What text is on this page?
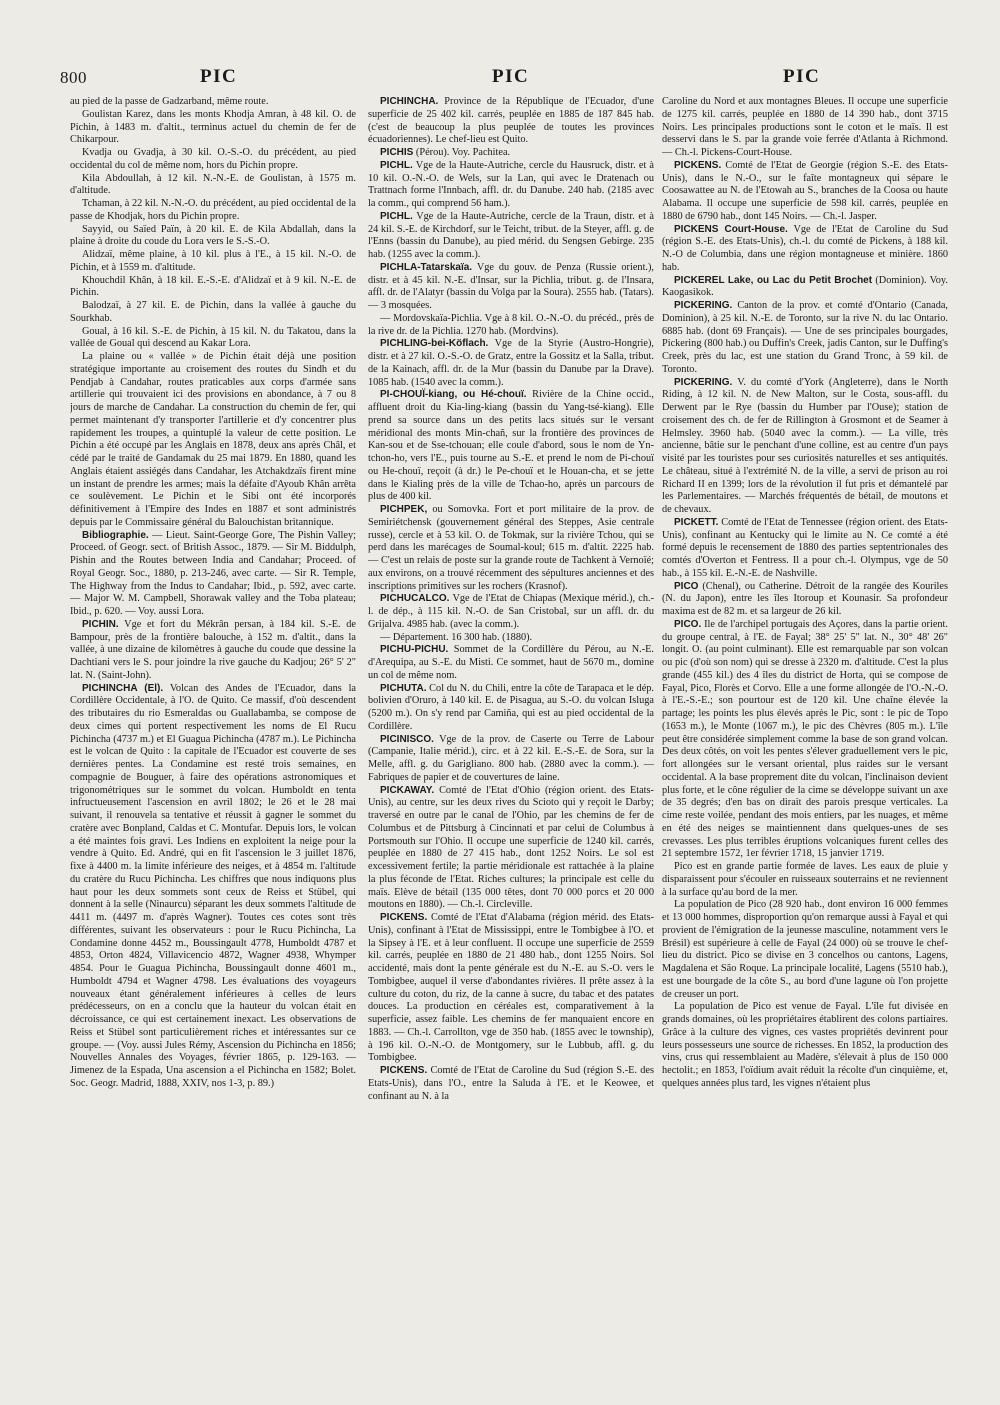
800	PIC	PIC	PIC

au pied de la passe de Gadzarband, même route.

Goulistan Karez, dans les monts Khodja Amran, à 48 kil. O. de Pichin, à 1483 m. d'altit., terminus actuel du chemin de fer de Chikarpour.

Kvadja ou Gvadja, à 30 kil. O.-S.-O. du précédent, au pied occidental du col de même nom, hors du Pichin propre.

Kila Abdoullah, à 12 kil. N.-N.-E. de Goulistan, à 1575 m. d'altitude.

Tchaman, à 22 kil. N.-N.-O. du précédent, au pied occidental de la passe de Khodjak, hors du Pichin propre.

Sayyid, ou Saïed Païn, à 20 kil. E. de Kila Abdallah, dans la plaine à droite du coude du Lora vers le S.-S.-O.

Alidzaï, même plaine, à 10 kil. plus à l'E., à 15 kil. N.-O. de Pichin, et à 1559 m. d'altitude.

Khouchdil Khân, à 18 kil. E.-S.-E. d'Alidzaï et à 9 kil. N.-E. de Pichin.

Balodzaï, à 27 kil. E. de Pichin, dans la vallée à gauche du Sourkhab.

Goual, à 16 kil. S.-E. de Pichin, à 15 kil. N. du Takatou, dans la vallée de Goual qui descend au Kakar Lora.

La plaine ou « vallée » de Pichin était déjà une position stratégique importante au croisement des routes du Sindh et du Pendjab à Candahar, routes praticables aux corps d'armée sans artillerie qui trouvaient ici des provisions en abondance, à 7 ou 8 jours de marche de Candahar. La construction du chemin de fer, qui permet maintenant d'y transporter l'artillerie et d'y concentrer plus rapidement les troupes, a quintuplé la valeur de cette position. Le Pichin a été occupé par les Anglais en 1878, deux ans après Châl, et cédé par le traité de Gandamak du 25 mai 1879. En 1880, quand les Anglais étaient assiégés dans Candahar, les Atchakdzaïs firent mine un instant de prendre les armes; mais la défaite d'Ayoub Khân arrêta ce soulèvement. Le Pichin et le Sibi ont été incorporés définitivement à l'Empire des Indes en 1887 et sont administrés depuis par le Commissaire général du Balouchistan britannique.

Bibliographie. — Lieut. Saint-George Gore, The Pishin Valley; Proceed. of Geogr. sect. of British Assoc., 1879. — Sir M. Biddulph, Pishin and the Routes between India and Candahar; Proceed. of Royal Geogr. Soc., 1880, p. 213-246, avec carte. — Sir R. Temple, The Highway from the Indus to Candahar; Ibid., p. 592, avec carte. — Major W. M. Campbell, Shorawak valley and the Toba plateau; Ibid., p. 620. — Voy. aussi Lora.

PICHIN. Vge et fort du Mékrân persan, à 184 kil. S.-E. de Bampour, près de la frontière balouche, à 152 m. d'altit., dans la vallée, à une dizaine de kilomètres à gauche du coude que dessine la Dachtiani vers le S. pour joindre la rive gauche du Kadjou; 26° 5' 2" lat. N. (Saint-John).

PICHINCHA (El). Volcan des Andes de l'Ecuador, dans la Cordillère Occidentale, à l'O. de Quito. Ce massif, d'où descendent des tributaires du rio Esmeraldas ou Guallabamba, se compose de deux cimes qui portent respectivement les noms de El Rucu Pichincha (4737 m.) et El Guagua Pichincha (4787 m.). Le Pichincha est le volcan de Quito : la capitale de l'Ecuador est couverte de ses dernières pentes. La Condamine est resté trois semaines, en compagnie de Bouguer, à faire des opérations astronomiques et trigonométriques sur le sommet du volcan. Humboldt en tenta infructueusement l'ascension en avril 1802; le 26 et le 28 mai suivant, il renouvela sa tentative et réussit à gagner le sommet du cratère avec Bonpland, Caldas et C. Montufar. Depuis lors, le volcan a été maintes fois gravi. Les Indiens en exploitent la neige pour la vendre à Quito. Ed. André, qui en fit l'ascension le 3 juillet 1876, fixe à 4400 m. la limite inférieure des neiges, et à 4854 m. l'altitude du cratère du Rucu Pichincha. Les chiffres que nous indiquons plus haut pour les deux sommets sont ceux de Reiss et Stübel, qui donnent à la selle (Ninaurcu) séparant les deux sommets l'altitude de 4411 m. (4497 m. d'après Wagner). Toutes ces cotes sont très différentes, suivant les observateurs : pour le Rucu Pichincha, La Condamine donne 4452 m., Boussingault 4778, Humboldt 4787 et 4853, Orton 4824, Villavicencio 4872, Wagner 4938, Whymper 4854. Pour le Guagua Pichincha, Boussingault donne 4601 m., Humboldt 4794 et Wagner 4798. Les évaluations des voyageurs nouveaux étant généralement inférieures à celles de leurs prédécesseurs, on en a conclu que la hauteur du volcan était en décroissance, ce qui est certainement inexact. Les observations de Reiss et Stübel sont particulièrement riches et intéressantes sur ce groupe. — (Voy. aussi Jules Rémy, Ascension du Pichincha en 1856; Nouvelles Annales des Voyages, février 1865, p. 129-163. — Jimenez de la Espada, Una ascension a el Pichincha en 1582; Bolet. Soc. Geogr. Madrid, 1888, XXIV, nos 1-3, p. 89.)

PICHINCHA. Province de la République de l'Ecuador, d'une superficie de 25 402 kil. carrés, peuplée en 1885 de 187 845 hab. (c'est de beaucoup la plus peuplée de toutes les provinces écuadoriennes). Le chef-lieu est Quito.

PICHIS (Pérou). Voy. Pachitea.

PICHL. Vge de la Haute-Autriche, cercle du Hausruck, distr. et à 10 kil. O.-N.-O. de Wels, sur la Lan, qui avec le Dratenach ou Trattnach forme l'Innbach, affl. dr. du Danube. 240 hab. (2185 avec la comm., qui comprend 56 ham.).

PICHL. Vge de la Haute-Autriche, cercle de la Traun, distr. et à 24 kil. S.-E. de Kirchdorf, sur le Teicht, tribut. de la Steyer, affl. g. de l'Enns (bassin du Danube), au pied mérid. du Sengsen Gebirge. 235 hab. (1255 avec la comm.).

PICHLA-Tatarskaïa. Vge du gouv. de Penza (Russie orient.), distr. et à 45 kil. N.-E. d'Insar, sur la Pichlia, tribut. g. de l'Insara, affl. dr. de l'Alatyr (bassin du Volga par la Soura). 2555 hab. (Tatars). — 3 mosquées.

— Mordovskaïa-Pichlia. Vge à 8 kil. O.-N.-O. du précéd., près de la rive dr. de la Pichlia. 1270 hab. (Mordvins).

PICHLING-bei-Köflach. Vge de la Styrie (Austro-Hongrie), distr. et à 27 kil. O.-S.-O. de Gratz, entre la Gossitz et la Salla, tribut. de la Kainach, affl. dr. de la Mur (bassin du Danube par la Drave). 1085 hab. (1540 avec la comm.).

PI-CHOUÏ-kiang, ou Hé-chouï. Rivière de la Chine occid., affluent droit du Kia-ling-kiang (bassin du Yang-tsé-kiang). Elle prend sa source dans un des petits lacs situés sur le versant méridional des monts Min-chañ, sur la frontière des provinces de Kan-sou et de Sse-tchouan; elle coule d'abord, sous le nom de Yn-tchon-ho, vers l'E., puis tourne au S.-E. et prend le nom de Pi-chouï ou He-chouï, reçoit (à dr.) le Pe-chouï et le Houan-cha, et se jette dans le Kialing près de la ville de Tchao-ho, après un parcours de plus de 400 kil.

PICHPEK, ou Somovka. Fort et port militaire de la prov. de Semiriétchensk (gouvernement général des Steppes, Asie centrale russe), cercle et à 53 kil. O. de Tokmak, sur la rivière Tchou, qui se perd dans les marécages de Soumal-koul; 615 m. d'altit. 2225 hab. — C'est un relais de poste sur la grande route de Tachkent à Vernoïé; aux environs, on a trouvé récemment des sépultures anciennes et des inscriptions primitives sur les rochers (Krasnof).

PICHUCALCO. Vge de l'Etat de Chiapas (Mexique mérid.), ch.-l. de dép., à 115 kil. N.-O. de San Cristobal, sur un affl. dr. du Grijalva. 4985 hab. (avec la comm.).

— Département. 16 300 hab. (1880).

PICHU-PICHU. Sommet de la Cordillère du Pérou, au N.-E. d'Arequipa, au S.-E. du Misti. Ce sommet, haut de 5670 m., domine un col de même nom.

PICHUTA. Col du N. du Chili, entre la côte de Tarapaca et le dép. bolivien d'Oruro, à 140 kil. E. de Pisagua, au S.-O. du volcan Isluga (5200 m.). On s'y rend par Camiña, qui est au pied occidental de la Cordillère.

PICINISCO. Vge de la prov. de Caserte ou Terre de Labour (Campanie, Italie mérid.), circ. et à 22 kil. E.-S.-E. de Sora, sur la Melle, affl. g. du Garigliano. 800 hab. (2880 avec la comm.). — Fabriques de papier et de couvertures de laine.

PICKAWAY. Comté de l'Etat d'Ohio (région orient. des Etats-Unis), au centre, sur les deux rives du Scioto qui y reçoit le Darby; traversé en outre par le canal de l'Ohio, par les chemins de fer de Columbus et de Pittsburg à Cincinnati et par celui de Columbus à Portsmouth sur l'Ohio. Il occupe une superficie de 1240 kil. carrés, peuplée en 1880 de 27 415 hab., dont 1252 Noirs. Le sol est excessivement fertile; la partie méridionale est rattachée à la plaine la plus féconde de l'Etat. Riches cultures; la principale est celle du maïs. Elève de bétail (135 000 têtes, dont 70 000 porcs et 20 000 moutons en 1880). — Ch.-l. Circleville.

PICKENS. Comté de l'Etat d'Alabama (région mérid. des Etats-Unis), confinant à l'Etat de Mississippi, entre le Tombigbee à l'O. et la Sipsey à l'E. et à leur confluent. Il occupe une superficie de 2559 kil. carrés, peuplée en 1880 de 21 480 hab., dont 1255 Noirs. Sol accidenté, mais dont la pente générale est du N.-E. au S.-O. vers le Tombigbee, auquel il verse d'abondantes rivières. Il prête assez à la culture du coton, du riz, de la canne à sucre, du tabac et des patates douces. La production en céréales est, comparativement à la superficie, assez faible. Les chemins de fer manquaient encore en 1883. — Ch.-l. Carrollton, vge de 350 hab. (1855 avec le township), à 196 kil. O.-N.-O. de Montgomery, sur le Lubbub, affl. g. du Tombigbee.

PICKENS. Comté de l'Etat de Caroline du Sud (région S.-E. des Etats-Unis), dans l'O., entre la Saluda à l'E. et le Keowee, et confinant au N. à la

Caroline du Nord et aux montagnes Bleues. Il occupe une superficie de 1275 kil. carrés, peuplée en 1880 de 14 390 hab., dont 3715 Noirs. Les principales productions sont le coton et le maïs. Il est desservi dans le S. par la grande voie ferrée d'Atlanta à Richmond. — Ch.-l. Pickens-Court-House.

PICKENS. Comté de l'Etat de Georgie (région S.-E. des Etats-Unis), dans le N.-O., sur le faîte montagneux qui sépare le Coosawattee au N. de l'Etowah au S., branches de la Coosa ou haute Alabama. Il occupe une superficie de 598 kil. carrés, peuplée en 1880 de 6790 hab., dont 145 Noirs. — Ch.-l. Jasper.

PICKENS Court-House. Vge de l'Etat de Caroline du Sud (région S.-E. des Etats-Unis), ch.-l. du comté de Pickens, à 188 kil. N.-O de Columbia, dans une région montagneuse et minière. 1860 hab.

PICKEREL Lake, ou Lac du Petit Brochet (Dominion). Voy. Kaogasikok.

PICKERING. Canton de la prov. et comté d'Ontario (Canada, Dominion), à 25 kil. N.-E. de Toronto, sur la rive N. du lac Ontario. 6885 hab. (dont 69 Français). — Une de ses principales bourgades, Pickering (800 hab.) ou Duffin's Creek, jadis Canton, sur le Duffing's Creek, près du lac, est une station du Grand Tronc, à 59 kil. de Toronto.

PICKERING. V. du comté d'York (Angleterre), dans le North Riding, à 12 kil. N. de New Malton, sur le Costa, sous-affl. du Derwent par le Rye (bassin du Humber par l'Ouse); station de croisement des ch. de fer de Rillington à Grosmont et de Seamer à Helmsley. 3960 hab. (5040 avec la comm.). — La ville, très ancienne, bâtie sur le penchant d'une colline, est au centre d'un pays visité par les touristes pour ses curiosités naturelles et ses antiquités. Le château, situé à l'extrémité N. de la ville, a servi de prison au roi Richard II en 1399; lors de la révolution il fut pris et démantelé par les Parlementaires. — Marchés fréquentés de bétail, de moutons et de chevaux.

PICKETT. Comté de l'Etat de Tennessee (région orient. des Etats-Unis), confinant au Kentucky qui le limite au N. Ce comté a été formé depuis le recensement de 1880 des parties septentrionales des comtés d'Overton et Fentress. Il a pour ch.-l. Olympus, vge de 50 hab., à 155 kil. E.-N.-E. de Nashville.

PICO (Chenal), ou Catherine. Détroit de la rangée des Kouriles (N. du Japon), entre les îles Itoroup et Kounasir. Sa profondeur maxima est de 82 m. et sa largeur de 26 kil.

PICO. Ile de l'archipel portugais des Açores, dans la partie orient. du groupe central, à l'E. de Fayal; 38° 25' 5" lat. N., 30° 48' 26" longit. O. (au point culminant). Elle est remarquable par son volcan ou pic (d'où son nom) qui se dresse à 2320 m. d'altitude. C'est la plus grande (455 kil.) des 4 îles du district de Horta, qui se compose de Fayal, Pico, Florès et Corvo. Elle a une forme allongée de l'O.-N.-O. à l'E.-S.-E.; son pourtour est de 120 kil. Une chaîne élevée la partage; les points les plus élevés après le Pic, sont : le pic de Topo (1653 m.), le Monte (1067 m.), le pic des Chèvres (805 m.). L'île peut être considérée simplement comme la base de son grand volcan. Des deux côtés, on voit les pentes s'élever graduellement vers le pic, fort allongées sur le versant oriental, plus raides sur le versant occidental. A la base proprement dite du volcan, l'inclinaison devient plus forte, et le cône régulier de la cime se développe suivant un axe de 35 degrés; d'en bas on dirait des parois presque verticales. La cime reste voilée, pendant des mois entiers, par les nuages, et même en été des neiges se maintiennent dans quelques-unes de ses crevasses. Les plus terribles éruptions volcaniques furent celles des 21 septembre 1572, 1er février 1718, 15 janvier 1719.

Pico est en grande partie formée de laves. Les eaux de pluie y disparaissent pour s'écouler en ruisseaux souterrains et ne reviennent à la surface qu'au bord de la mer.

La population de Pico (28 920 hab., dont environ 16 000 femmes et 13 000 hommes, disproportion qu'on remarque aussi à Fayal et qui provient de l'émigration de la jeunesse masculine, notamment vers le Brésil) est supérieure à celle de Fayal (24 000) où se trouve le chef-lieu du district. Pico se divise en 3 concelhos ou cantons, Lagens, Magdalena et São Roque. La principale localité, Lagens (5510 hab.), est une bourgade de la côte S., au bord d'une lagune où l'on projette de creuser un port.

La population de Pico est venue de Fayal. L'île fut divisée en grands domaines, où les propriétaires établirent des colons partiaires. Grâce à la culture des vignes, ces vastes propriétés devinrent pour leurs possesseurs une source de richesses. En 1852, la production des vins, crus qui ressemblaient au Madère, s'élevait à plus de 150 000 hectolit.; en 1853, l'oïdium avait réduit la récolte d'un cinquième, et, quelques années plus tard, les vignes n'étaient plus
